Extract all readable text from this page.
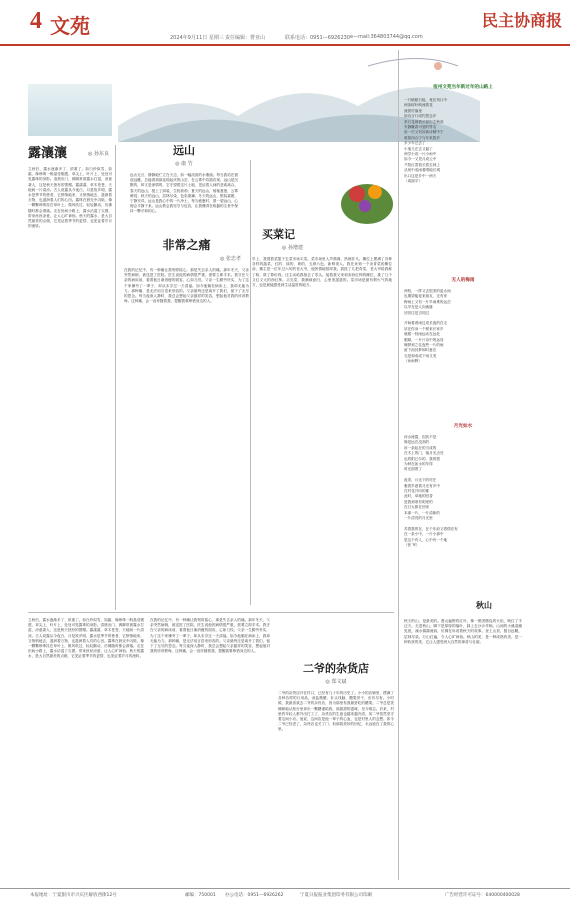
4 文苑	2024年9月11日 星期三 责任编辑：曹亚山	联系电话：0951—6926230 e—mail:364803744@qq.com
民主协商报
露瀼瀼	◎ 孙东良
立秋后，露水逐渐多了、浓重了。如白纱似雪，如霜，像珍珠一般晶莹剔透，草尖上，叶片上，处处可见露珠的身影。清晨出门，裤脚常被露水打湿，凉意袭人，这是秋天独有的馈赠。露瀼瀼，草木苍苍，天地间一片清凉。古人说露从今夜白，月是故乡明，露水是季节的使者，它悄悄地来，又悄悄地去，滋润着万物，也滋润着人们的心田。露珠在晨光中闪烁，像一颗颗珍珠挂在草叶上，微风吹过，轻轻颤动，仿佛随时都会滑落。走在田间小路上，露水沾湿了衣襟，带来丝丝凉意，让人心旷神怡。秋天的露水，是大自然最美的点缀，它见证着季节的更替，也见证着岁月的流转。
远山
◎ 康 竹
远山无言，静静地伫立在天边，如一幅淡淡的水墨画。每当我站在窗前远眺，总能看到那连绵起伏的山峦，在云雾中若隐若现。远山是沉默的，却又是深情的，它守望着这片土地，见证着人间的悲欢离合。春天的远山，披上了绿装，生机勃勃；夏天的远山，郁郁葱葱，云雾缭绕；秋天的远山，层林尽染，色彩斑斓；冬天的远山，银装素裹，宁静安详。远山是我心中的一片净土，每当疲惫时，望一望远山，心便会平静下来。远山教会我坚守与包容，让我懂得在喧嚣的尘世中保持一颗平和的心。
非常之痛
◎ 张忠孝
在我的记忆中，有一种痛让我刻骨铭心，那是失去亲人的痛。那年冬天，父亲突然病倒，被送进了医院。医生说他的病情很严重，需要立即手术。我守在父亲的病床前，看着他日渐消瘦的面容，心如刀绞。父亲一生勤劳朴实，为了这个家操劳了一辈子，却从未享过一天清福。如今他躺在病床上，我却无能为力。那种痛，是无法用言语来形容的。父亲最终还是离开了我们，留下了无尽的思念。每当夜深人静时，我总会想起父亲慈祥的笑容，想起他对我的谆谆教诲。这种痛，会一直伴随着我，提醒我要珍惜身边的人。
买菜记
◎ 孙增建
早上，我提着菜篮子去菜市场买菜。菜市场里人声鼎沸，热闹非凡。摊位上摆满了各种各样的蔬菜，红的、绿的、黄的，五颜六色，新鲜诱人。我先来到一个卖青菜的摊位前，摊主是一位年过六旬的老大爷，他热情地招呼我。我挑了几把青菜，老大爷给我称了称，算了算价钱，还主动给我抹去了零头。接着我又来到卖西红柿的摊位，挑了几个又红又大的西红柿。买完菜，我满载而归，心里美滋滋的。菜市场是最有烟火气的地方，也是最能感受到生活温度的地方。
宿州文苑当年新过年的山路上
一只蜻蜓石板，竟在风口中
两条树叶映流着花
流着村落里
如诗言行成钓思念乡
采石花颜看长树形态秋高
安静雕看可爱的等名
用一次又有好新诗晴中宁
谁知四合宁与年来我乡
多少年迁去了
小鬼几在去又悬了
两学小说一片小雨中
如今一又见月成云中
夕阳红着看长着去林上
从何中成雨看唱地长城
出口这是乡中一两天
（周丽平）
无人的梅雨
两枝，一阵又去很美的蓝水间
也期望能迎来朋友，还有家
梅雨上又有一片早雨堆的远峦
以早在是人向流落
回首往是否知过

开始着看雨过成长夜的在走
站在你身一个树来长家乡
就跟一枝雨远动在远处
眼睛，一片片诗中的远同
喊梦到之往夜些一片的雨
留下而其梦和时意在
无是和成成下雨又美
（孙雨辉）
月光如水
河水流霞，因其不是
像是远在没高的
用一条起在的当成的
在木上的门，落月光点亮
也的阳已尔的，我的愿
为种在如水的早得
时光面着了

夜青，月光下的村庄
雅着乡意着月光有乡中
在村花开向的都
此时，草地的回香
是我到谁有明里的
在日大都在回来
本那一片，一片清新的
一片清亮的月光里

苏着我的在，在个年前又着情在有
在一条小中，一片小那中
是这个有人，心中有一个地
（张 军）
立秋后，露水逐渐多了、浓重了。如白纱似雪，如霜，像珍珠一般晶莹剔透，草尖上，叶片上，处处可见露珠的身影。清晨出门，裤脚常被露水打湿，凉意袭人，这是秋天独有的馈赠。露瀼瀼，草木苍苍，天地间一片清凉。古人说露从今夜白，月是故乡明，露水是季节的使者，它悄悄地来，又悄悄地去，滋润着万物，也滋润着人们的心田。露珠在晨光中闪烁，像一颗颗珍珠挂在草叶上，微风吹过，轻轻颤动，仿佛随时都会滑落。走在田间小路上，露水沾湿了衣襟，带来丝丝凉意，让人心旷神怡。秋天的露水，是大自然最美的点缀，它见证着季节的更替，也见证着岁月的流转。
在我的记忆中，有一种痛让我刻骨铭心，那是失去亲人的痛。那年冬天，父亲突然病倒，被送进了医院。医生说他的病情很严重，需要立即手术。我守在父亲的病床前，看着他日渐消瘦的面容，心如刀绞。父亲一生勤劳朴实，为了这个家操劳了一辈子，却从未享过一天清福。如今他躺在病床上，我却无能为力。那种痛，是无法用言语来形容的。父亲最终还是离开了我们，留下了无尽的思念。每当夜深人静时，我总会想起父亲慈祥的笑容，想起他对我的谆谆教诲。这种痛，会一直伴随着我，提醒我要珍惜身边的人。
二爷的杂货店
◎ 郑文斌
二爷的杂货店开在村口，已经有几十年的历史了。小小的店铺里，摆满了各种各样的日用品，油盐酱醋、针头线脑、糖果饼干，应有尽有。小时候，我最喜欢去二爷的杂货店，因为那里有我最爱吃的糖果。二爷总是笑眯眯地从柜台里拿出一颗糖递给我，那甜甜的滋味，至今难忘。后来，村里的年轻人都外出打工了，杂货店的生意也越来越冷清，但二爷依然坚守着这间小店。他说，这间店是他一辈子的心血，也是村里人的念想。如今二爷已经老了，杂货店也关了门，但那段美好的回忆，永远留在了我的心里。
秋山
秋天的山，是最美的。漫山遍野的红叶，像一团团燃烧的火焰，映红了半边天。走进秋山，脚下是厚厚的落叶，踩上去沙沙作响。山间的小溪清澈见底，溪水潺潺流淌，仿佛在诉说着秋天的故事。登上山顶，极目远眺，层林尽染，万山红遍，令人心旷神怡。秋山的美，是一种成熟的美，是一种收获的美，它让人感受到大自然的神奇与壮丽。
本报地址：宁夏银川市兴庆区解放西街12号	邮编：750001 办公电话：0951—6926262	宁夏日报报业集团印务有限公司印刷	广告经营许可证号：640000400028
